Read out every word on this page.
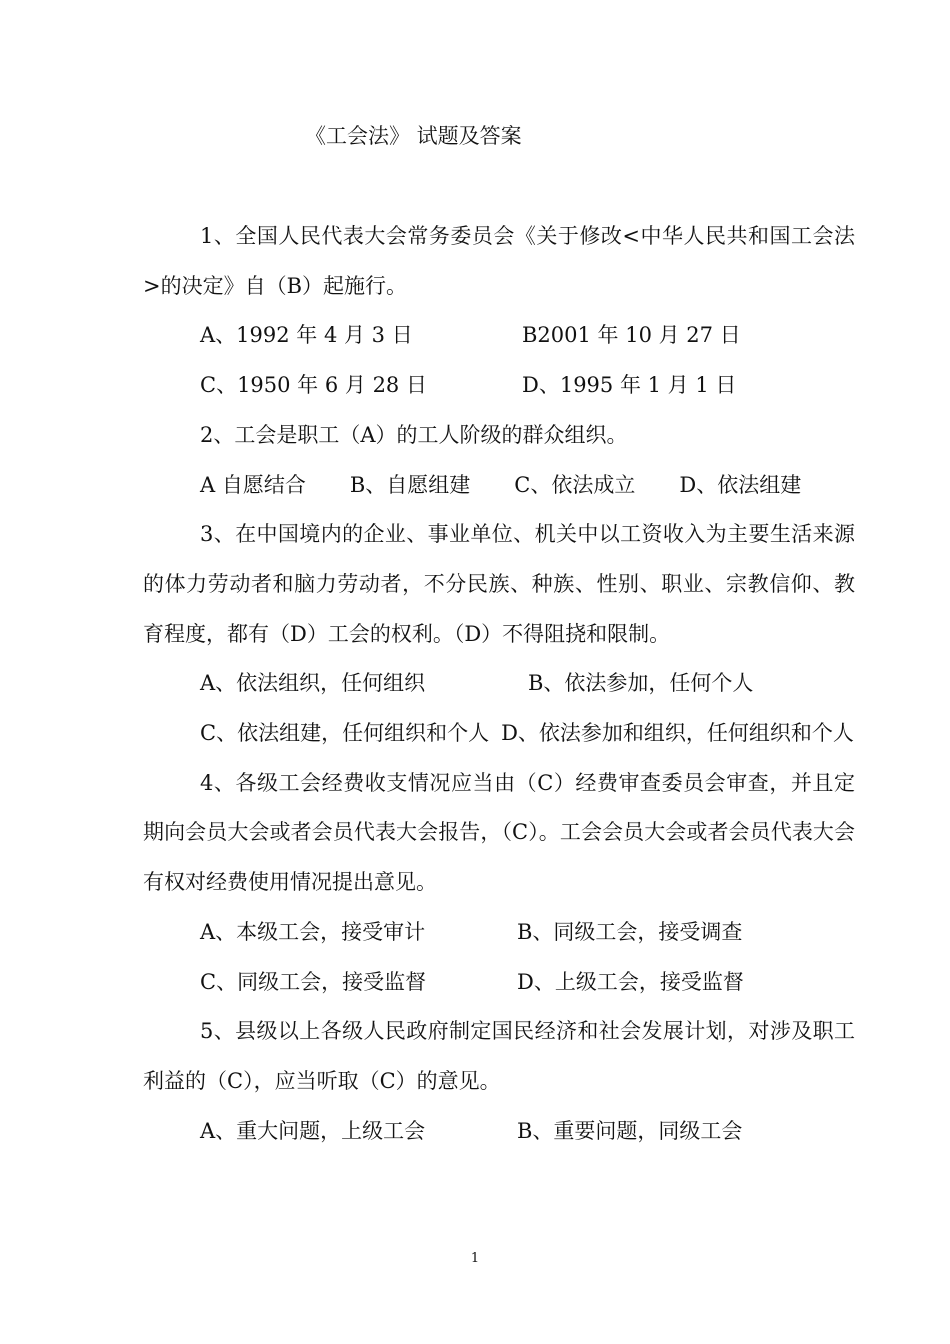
《工会法》 试题及答案

1、全国人民代表大会常务委员会《关于修改<中华人民共和国工会法>的决定》自（B）起施行。

A、1992 年 4 月 3 日	B2001 年 10 月 27 日

C、1950 年 6 月 28 日	D、1995 年 1 月 1 日

2、工会是职工（A）的工人阶级的群众组织。

A 自愿结合 B、自愿组建 C、依法成立 D、依法组建

3、在中国境内的企业、事业单位、机关中以工资收入为主要生活来源的体力劳动者和脑力劳动者，不分民族、种族、性别、职业、宗教信仰、教育程度，都有（D）工会的权利。（D）不得阻挠和限制。

A、依法组织，任何组织	B、依法参加，任何个人

C、依法组建，任何组织和个人 D、依法参加和组织，任何组织和个人

4、各级工会经费收支情况应当由（C）经费审查委员会审查，并且定期向会员大会或者会员代表大会报告，（C）。工会会员大会或者会员代表大会有权对经费使用情况提出意见。

A、本级工会，接受审计	B、同级工会，接受调查

C、同级工会，接受监督	D、上级工会，接受监督

5、县级以上各级人民政府制定国民经济和社会发展计划，对涉及职工利益的（C），应当听取（C）的意见。

A、重大问题，上级工会	B、重要问题，同级工会

1
